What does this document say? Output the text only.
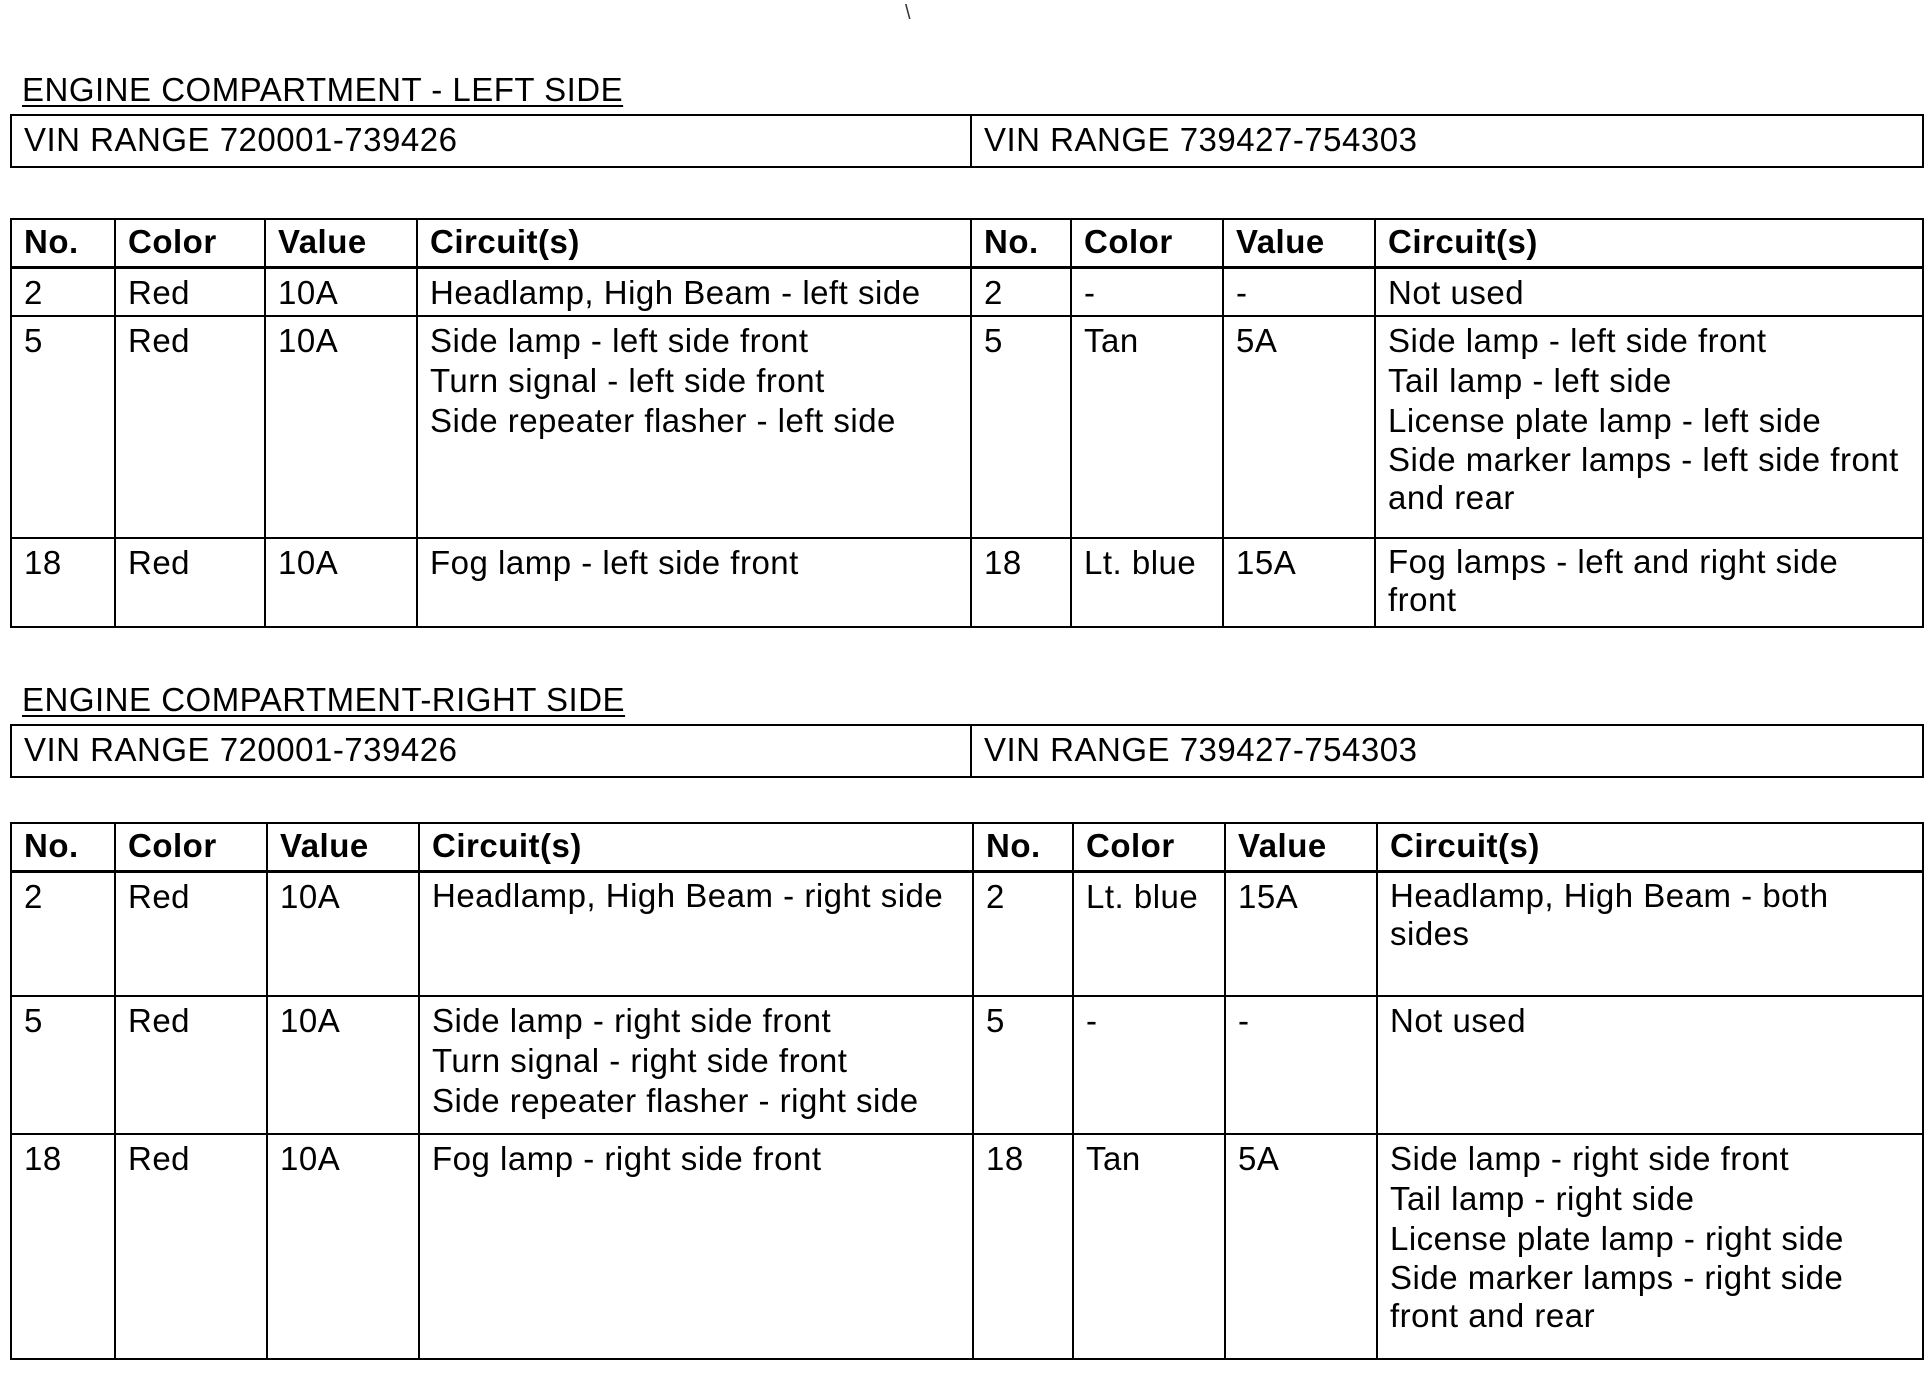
\
ENGINE COMPARTMENT - LEFT SIDE
VIN RANGE 720001-739426	VIN RANGE 739427-754303
No.	Color	Value	Circuit(s)	No.	Color	Value	Circuit(s)
2	Red	10A	Headlamp, High Beam - left side	2	-	-	Not used

5	Red	10A	Side lamp - left side front
Turn signal - left side front
Side repeater flasher - left side	5	Tan	5A	Side lamp - left side front
Tail lamp - left side
License plate lamp - left side
Side marker lamps - left side front and rear

18	Red	10A	Fog lamp - left side front	18	Lt. blue	15A	Fog lamps - left and right side front
ENGINE COMPARTMENT-RIGHT SIDE
VIN RANGE 720001-739426	VIN RANGE 739427-754303
No.	Color	Value	Circuit(s)	No.	Color	Value	Circuit(s)
2	Red	10A	Headlamp, High Beam - right side	2	Lt. blue	15A	Headlamp, High Beam - both sides

5	Red	10A	Side lamp - right side front
Turn signal - right side front
Side repeater flasher - right side	5	-	-	Not used

18	Red	10A	Fog lamp - right side front	18	Tan	5A	Side lamp - right side front
Tail lamp - right side
License plate lamp - right side
Side marker lamps - right side front and rear
